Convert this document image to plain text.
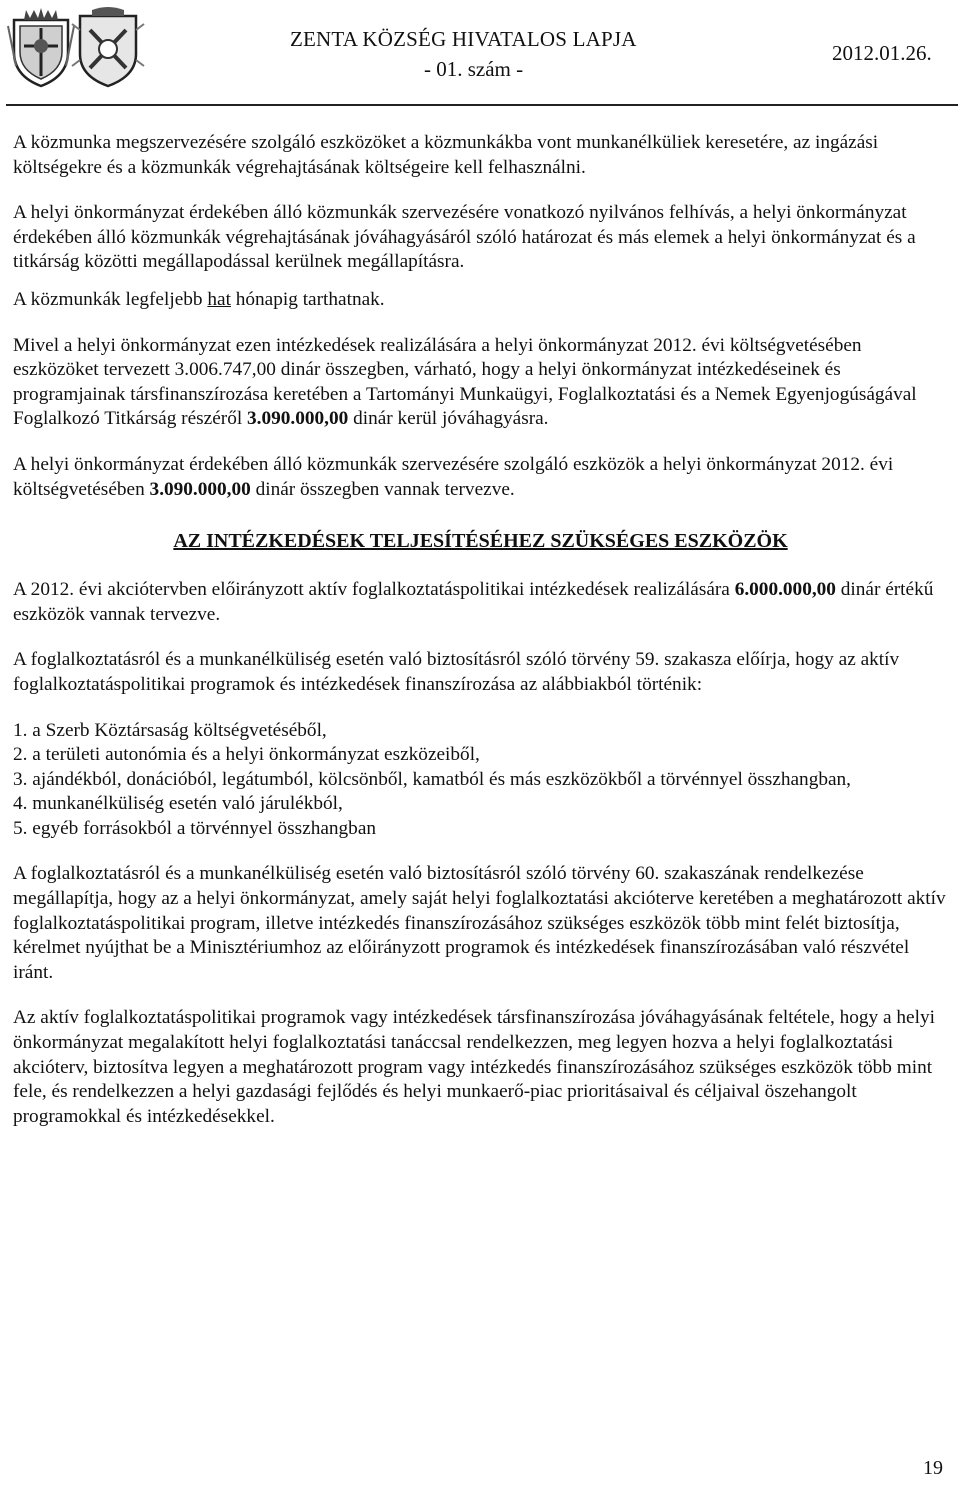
ZENTA KÖZSÉG HIVATALOS LAPJA
- 01. szám -
2012.01.26.

A közmunka megszervezésére szolgáló eszközöket a közmunkákba vont munkanélküliek keresetére, az ingázási költségekre és a közmunkák végrehajtásának költségeire kell felhasználni.

A helyi önkormányzat érdekében álló közmunkák szervezésére vonatkozó nyilvános felhívás, a helyi önkormányzat érdekében álló közmunkák végrehajtásának jóváhagyásáról szóló határozat és más elemek a helyi önkormányzat és a titkárság közötti megállapodással kerülnek megállapításra.

A közmunkák legfeljebb hat hónapig tarthatnak.

Mivel a helyi önkormányzat ezen intézkedések realizálására a helyi önkormányzat 2012. évi költségvetésében eszközöket tervezett 3.006.747,00 dinár összegben, várható, hogy a helyi önkormányzat intézkedéseinek és programjainak társfinanszírozása keretében a Tartományi Munkaügyi, Foglalkoztatási és a Nemek Egyenjogúságával Foglalkozó Titkárság részéről 3.090.000,00 dinár kerül jóváhagyásra.

A helyi önkormányzat érdekében álló közmunkák szervezésére szolgáló eszközök a helyi önkormányzat 2012. évi költségvetésében 3.090.000,00 dinár összegben vannak tervezve.

AZ INTÉZKEDÉSEK TELJESÍTÉSÉHEZ SZÜKSÉGES ESZKÖZÖK

A 2012. évi akciótervben előirányzott aktív foglalkoztatáspolitikai intézkedések realizálására 6.000.000,00 dinár értékű eszközök vannak tervezve.

A foglalkoztatásról és a munkanélküliség esetén való biztosításról szóló törvény 59. szakasza előírja, hogy az aktív foglalkoztatáspolitikai programok és intézkedések finanszírozása az alábbiakból történik:

1. a Szerb Köztársaság költségvetéséből,
2. a területi autonómia és a helyi önkormányzat eszközeiből,
3. ajándékból, donációból, legátumból, kölcsönből, kamatból és más eszközökből a törvénnyel összhangban,
4. munkanélküliség esetén való járulékból,
5. egyéb forrásokból a törvénnyel összhangban

A foglalkoztatásról és a munkanélküliség esetén való biztosításról szóló törvény 60. szakaszának rendelkezése megállapítja, hogy az a helyi önkormányzat, amely saját helyi foglalkoztatási akcióterve keretében a meghatározott aktív foglalkoztatáspolitikai program, illetve intézkedés finanszírozásához szükséges eszközök több mint felét biztosítja, kérelmet nyújthat be a Minisztériumhoz az előirányzott programok és intézkedések finanszírozásában való részvétel iránt.

Az aktív foglalkoztatáspolitikai programok vagy intézkedések társfinanszírozása jóváhagyásának feltétele, hogy a helyi önkormányzat megalakított helyi foglalkoztatási tanáccsal rendelkezzen, meg legyen hozva a helyi foglalkoztatási akcióterv, biztosítva legyen a meghatározott program vagy intézkedés finanszírozásához szükséges eszközök több mint fele, és rendelkezzen a helyi gazdasági fejlődés és helyi munkaerő-piac prioritásaival és céljaival öszehangolt programokkal és intézkedésekkel.

19
